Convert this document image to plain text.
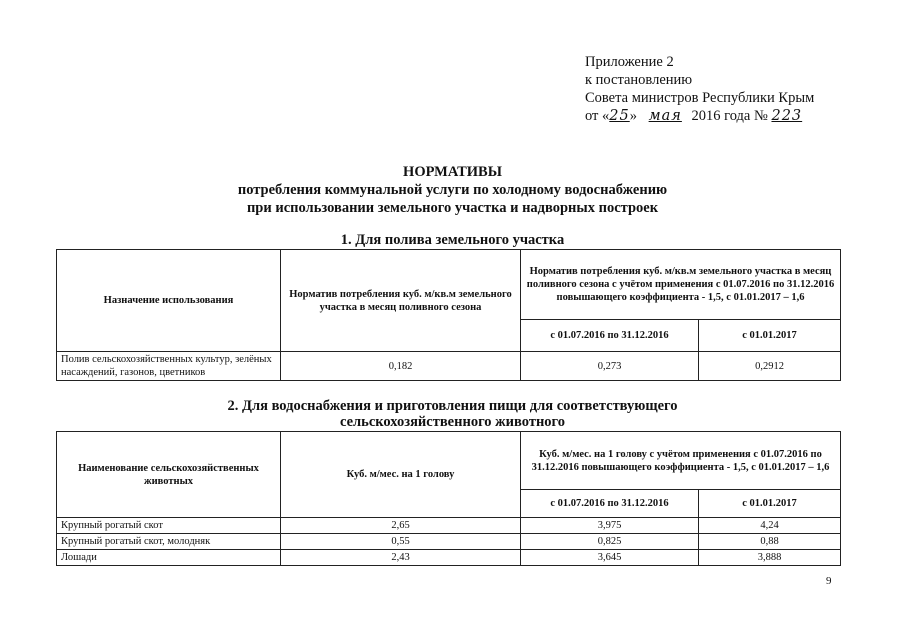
Приложение 2
к постановлению
Совета министров Республики Крым
от «25» мая 2016 года № 223
НОРМАТИВЫ
потребления коммунальной услуги по холодному водоснабжению
при использовании земельного участка и надворных построек
1. Для полива земельного участка
Назначение использования	Норматив потребления куб. м/кв.м земельного участка в месяц поливного сезона	Норматив потребления куб. м/кв.м земельного участка в месяц поливного сезона с учётом применения с 01.07.2016 по 31.12.2016 повышающего коэффициента - 1,5, с 01.01.2017 – 1,6	
		с 01.07.2016 по 31.12.2016	с 01.01.2017
Полив сельскохозяйственных культур, зелёных насаждений, газонов, цветников	0,182	0,273	0,2912
2. Для водоснабжения и приготовления пищи для соответствующего
сельскохозяйственного животного
Наименование сельскохозяйственных животных	Куб. м/мес. на 1 голову	Куб. м/мес. на 1 голову с учётом применения с 01.07.2016 по 31.12.2016 повышающего коэффициента - 1,5, с 01.01.2017 – 1,6	
		с 01.07.2016 по 31.12.2016	с 01.01.2017
Крупный рогатый скот	2,65	3,975	4,24
Крупный рогатый скот, молодняк	0,55	0,825	0,88
Лошади	2,43	3,645	3,888
9
